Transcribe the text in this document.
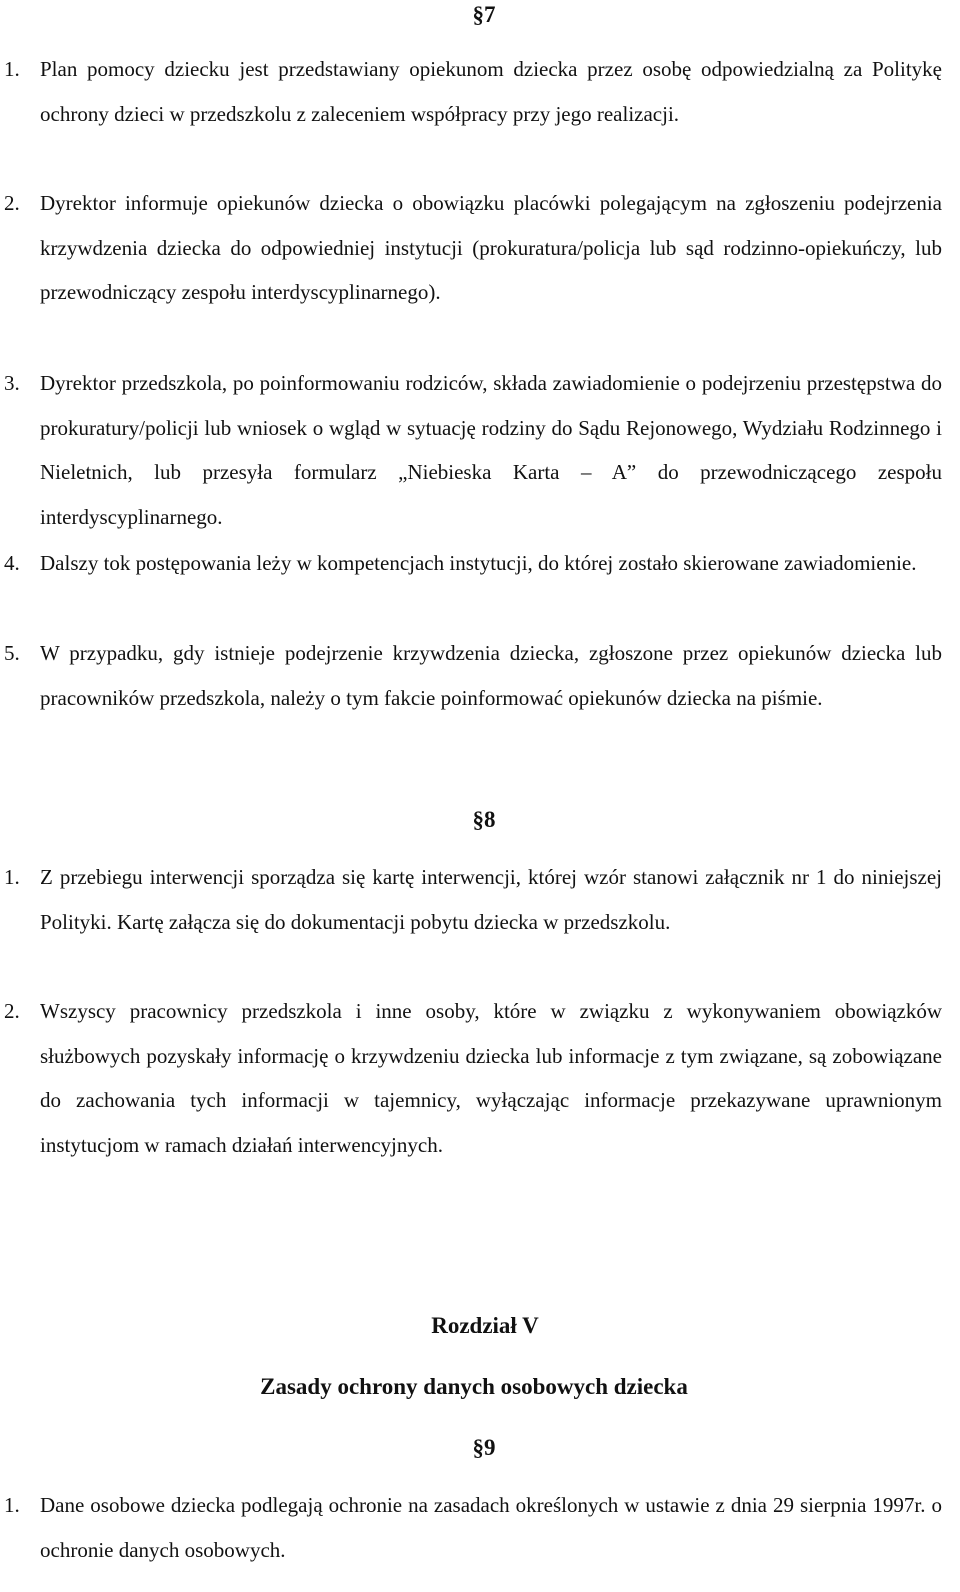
§7
1. Plan pomocy dziecku jest przedstawiany opiekunom dziecka przez osobę odpowiedzialną za Politykę ochrony dzieci w przedszkolu z zaleceniem współpracy przy jego realizacji.
2. Dyrektor informuje opiekunów dziecka o obowiązku placówki polegającym na zgłoszeniu podejrzenia krzywdzenia dziecka do odpowiedniej instytucji (prokuratura/policja lub sąd rodzinno-opiekuńczy, lub przewodniczący zespołu interdyscyplinarnego).
3. Dyrektor przedszkola, po poinformowaniu rodziców, składa zawiadomienie o podejrzeniu przestępstwa do prokuratury/policji lub wniosek o wgląd w sytuację rodziny do Sądu Rejonowego, Wydziału Rodzinnego i Nieletnich, lub przesyła formularz „Niebieska Karta – A” do przewodniczącego zespołu interdyscyplinarnego.
4. Dalszy tok postępowania leży w kompetencjach instytucji, do której zostało skierowane zawiadomienie.
5. W przypadku, gdy istnieje podejrzenie krzywdzenia dziecka, zgłoszone przez opiekunów dziecka lub pracowników przedszkola, należy o tym fakcie poinformować opiekunów dziecka na piśmie.
§8
1. Z przebiegu interwencji sporządza się kartę interwencji, której wzór stanowi załącznik nr 1 do niniejszej Polityki. Kartę załącza się do dokumentacji pobytu dziecka w przedszkolu.
2. Wszyscy pracownicy przedszkola i inne osoby, które w związku z wykonywaniem obowiązków służbowych pozyskały informację o krzywdzeniu dziecka lub informacje z tym związane, są zobowiązane do zachowania tych informacji w tajemnicy, wyłączając informacje przekazywane uprawnionym instytucjom w ramach działań interwencyjnych.
Rozdział V
Zasady ochrony danych osobowych dziecka
§9
1. Dane osobowe dziecka podlegają ochronie na zasadach określonych w ustawie z dnia 29 sierpnia 1997r. o ochronie danych osobowych.
